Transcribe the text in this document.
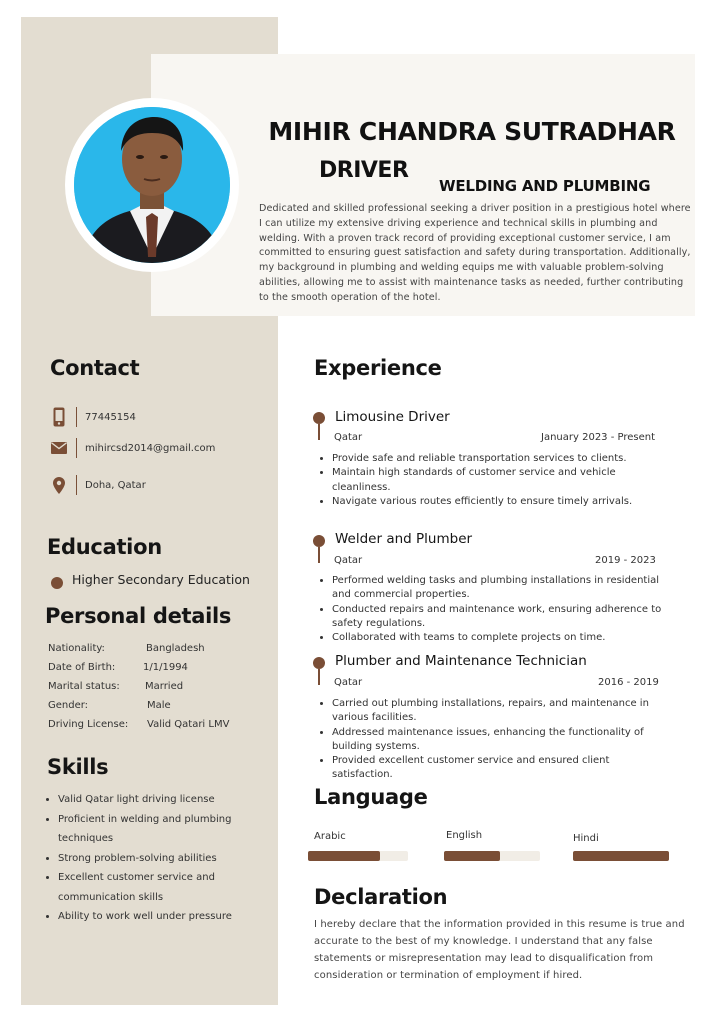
MIHIR CHANDRA SUTRADHAR
DRIVER
WELDING AND PLUMBING
Dedicated and skilled professional seeking a driver position in a prestigious hotel where I can utilize my extensive driving experience and technical skills in plumbing and welding. With a proven track record of providing exceptional customer service, I am committed to ensuring guest satisfaction and safety during transportation. Additionally, my background in plumbing and welding equips me with valuable problem-solving abilities, allowing me to assist with maintenance tasks as needed, further contributing to the smooth operation of the hotel.
Contact
77445154
mihircsd2014@gmail.com
Doha, Qatar
Education
Higher Secondary Education
Personal details
Nationality:	Bangladesh
Date of Birth:	1/1/1994
Marital status:	Married
Gender:	Male
Driving License: Valid Qatari LMV
Skills
• Valid Qatar light driving license
• Proficient in welding and plumbing techniques
• Strong problem-solving abilities
• Excellent customer service and communication skills
• Ability to work well under pressure
Experience
Limousine Driver
Qatar	January 2023 - Present
• Provide safe and reliable transportation services to clients.
• Maintain high standards of customer service and vehicle cleanliness.
• Navigate various routes efficiently to ensure timely arrivals.
Welder and Plumber
Qatar	2019 - 2023
• Performed welding tasks and plumbing installations in residential and commercial properties.
• Conducted repairs and maintenance work, ensuring adherence to safety regulations.
• Collaborated with teams to complete projects on time.
Plumber and Maintenance Technician
Qatar	2016 - 2019
• Carried out plumbing installations, repairs, and maintenance in various facilities.
• Addressed maintenance issues, enhancing the functionality of building systems.
• Provided excellent customer service and ensured client satisfaction.
Language
Arabic	English	Hindi
Declaration
I hereby declare that the information provided in this resume is true and accurate to the best of my knowledge. I understand that any false statements or misrepresentation may lead to disqualification from consideration or termination of employment if hired.
